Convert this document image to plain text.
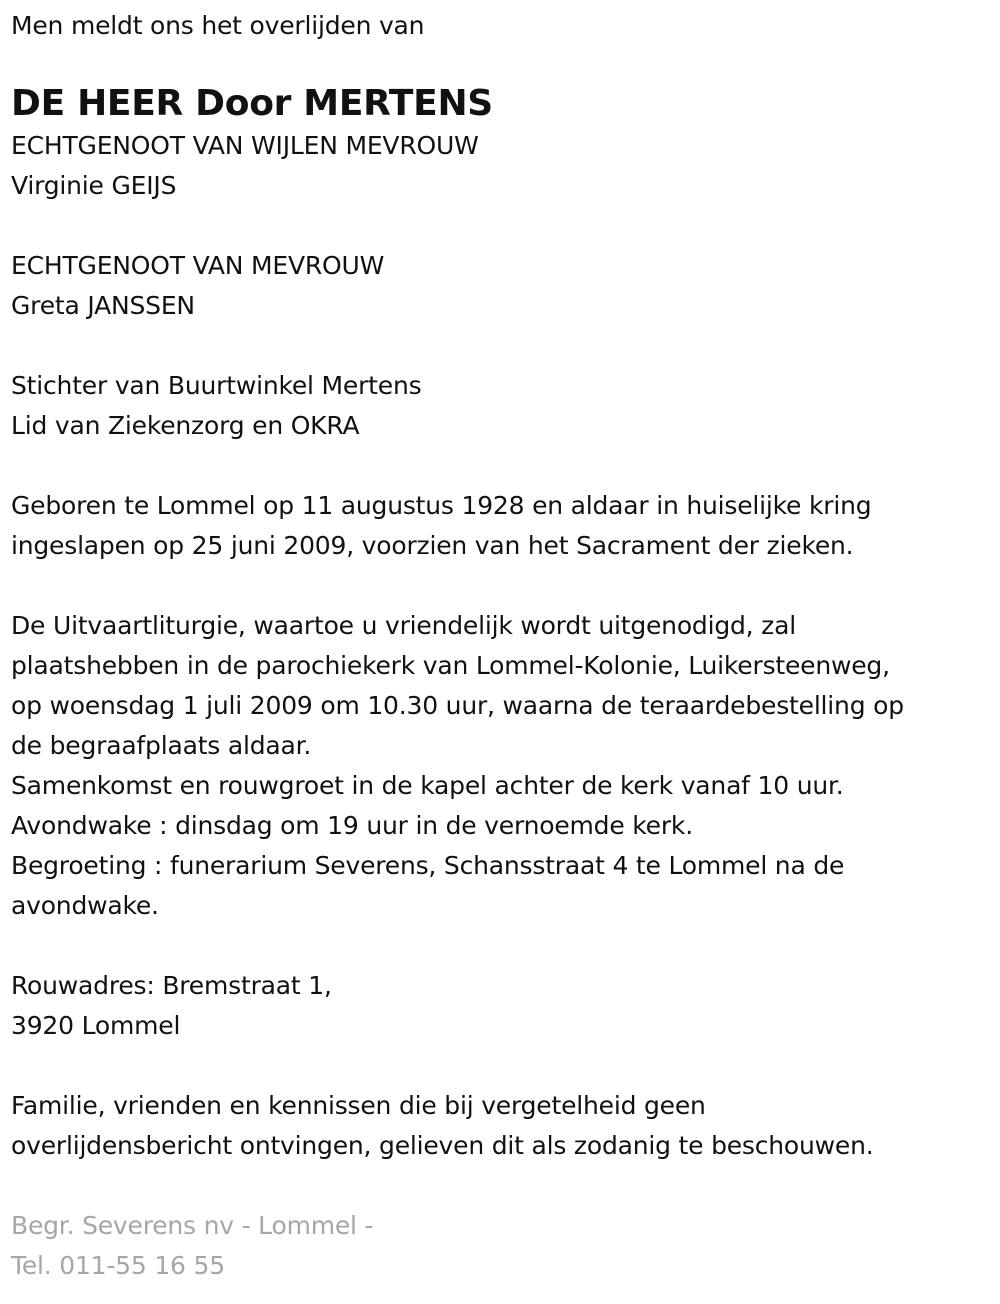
Men meldt ons het overlijden van
DE HEER Door MERTENS
ECHTGENOOT VAN WIJLEN MEVROUW
Virginie GEIJS
ECHTGENOOT VAN MEVROUW
Greta JANSSEN
Stichter van Buurtwinkel Mertens
Lid van Ziekenzorg en OKRA
Geboren te Lommel op 11 augustus 1928 en aldaar in huiselijke kring
ingeslapen op 25 juni 2009, voorzien van het Sacrament der zieken.
De Uitvaartliturgie, waartoe u vriendelijk wordt uitgenodigd, zal
plaatshebben in de parochiekerk van Lommel-Kolonie, Luikersteenweg,
op woensdag 1 juli 2009 om 10.30 uur, waarna de teraardebestelling op
de begraafplaats aldaar.
Samenkomst en rouwgroet in de kapel achter de kerk vanaf 10 uur.
Avondwake : dinsdag om 19 uur in de vernoemde kerk.
Begroeting : funerarium Severens, Schansstraat 4 te Lommel na de
avondwake.
Rouwadres: Bremstraat 1,
3920 Lommel
Familie, vrienden en kennissen die bij vergetelheid geen
overlijdensbericht ontvingen, gelieven dit als zodanig te beschouwen.
Begr. Severens nv - Lommel -
Tel. 011-55 16 55
